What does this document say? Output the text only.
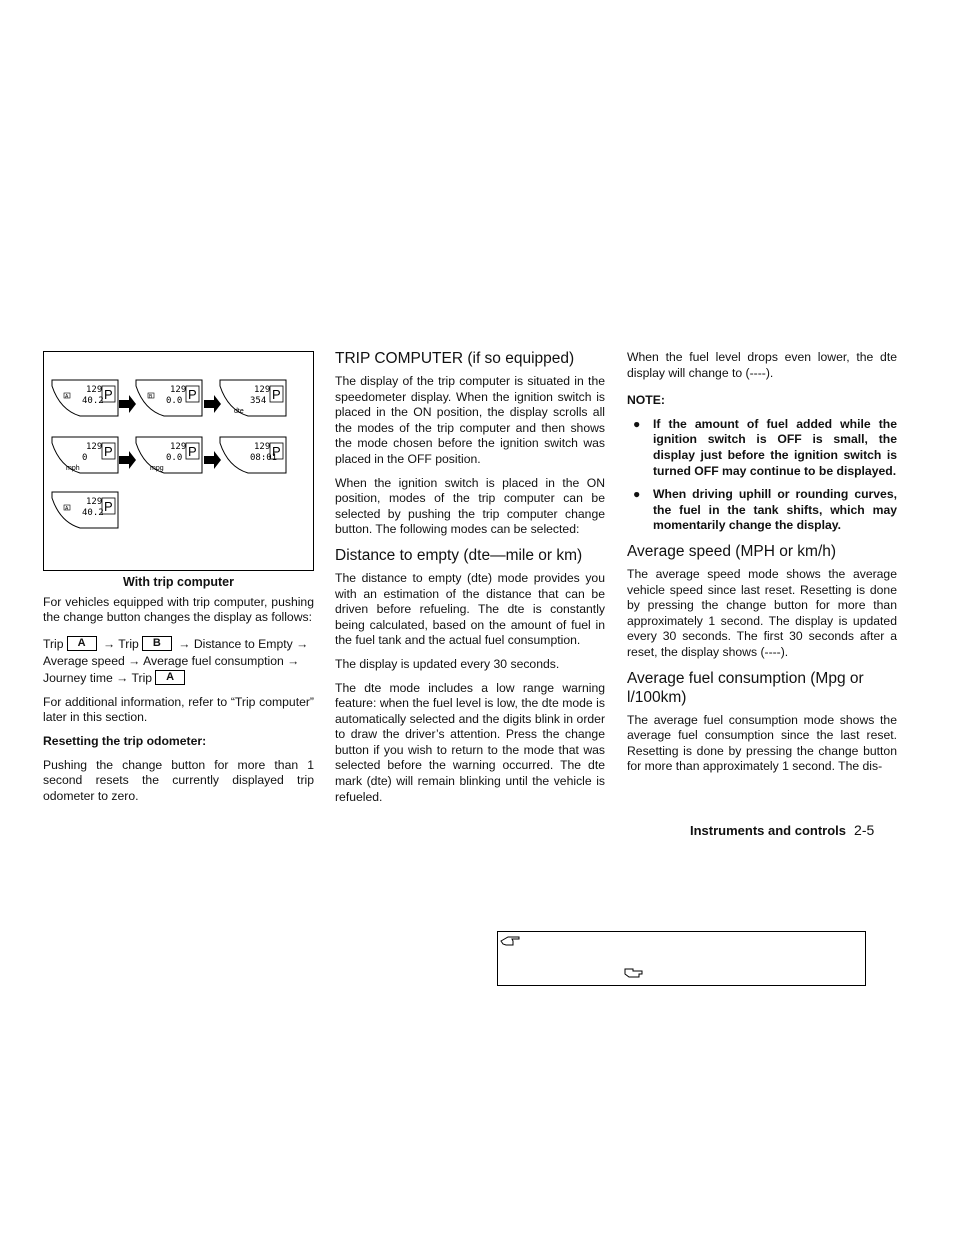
129
40.2 P
A
129
0.0 P
B
129
354 P
dte
129
0 P
mph
129
0.0 P
mpg
129
08:01
P
129
40.2 P
A
With trip computer

For vehicles equipped with trip computer, pushing the change button changes the display as follows:

Trip A → Trip B → Distance to Empty → Average speed → Average fuel consumption →
Journey time → Trip A

For additional information, refer to “Trip computer” later in this section.

Resetting the trip odometer:

Pushing the change button for more than 1 second resets the currently displayed trip odometer to zero.

TRIP COMPUTER (if so equipped)

The display of the trip computer is situated in the speedometer display. When the ignition switch is placed in the ON position, the display scrolls all the modes of the trip computer and then shows the mode chosen before the ignition switch was placed in the OFF position.

When the ignition switch is placed in the ON position, modes of the trip computer can be selected by pushing the trip computer change button. The following modes can be selected:

Distance to empty (dte—mile or km)

The distance to empty (dte) mode provides you with an estimation of the distance that can be driven before refueling. The dte is constantly being calculated, based on the amount of fuel in the fuel tank and the actual fuel consumption.

The display is updated every 30 seconds.

The dte mode includes a low range warning feature: when the fuel level is low, the dte mode is automatically selected and the digits blink in order to draw the driver’s attention. Press the change button if you wish to return to the mode that was selected before the warning occurred. The dte mark (dte) will remain blinking until the vehicle is refueled.

When the fuel level drops even lower, the dte display will change to (----).

NOTE:

● If the amount of fuel added while the ignition switch is OFF is small, the display just before the ignition switch is turned OFF may continue to be displayed.
● When driving uphill or rounding curves, the fuel in the tank shifts, which may momentarily change the display.
Average speed (MPH or km/h)

The average speed mode shows the average vehicle speed since last reset. Resetting is done by pressing the change button for more than approximately 1 second. The display is updated every 30 seconds. The first 30 seconds after a reset, the display shows (----).

Average fuel consumption (Mpg or l/100km)

The average fuel consumption mode shows the average fuel consumption since the last reset. Resetting is done by pressing the change button for more than approximately 1 second. The dis-

Instruments and controls 2-5
